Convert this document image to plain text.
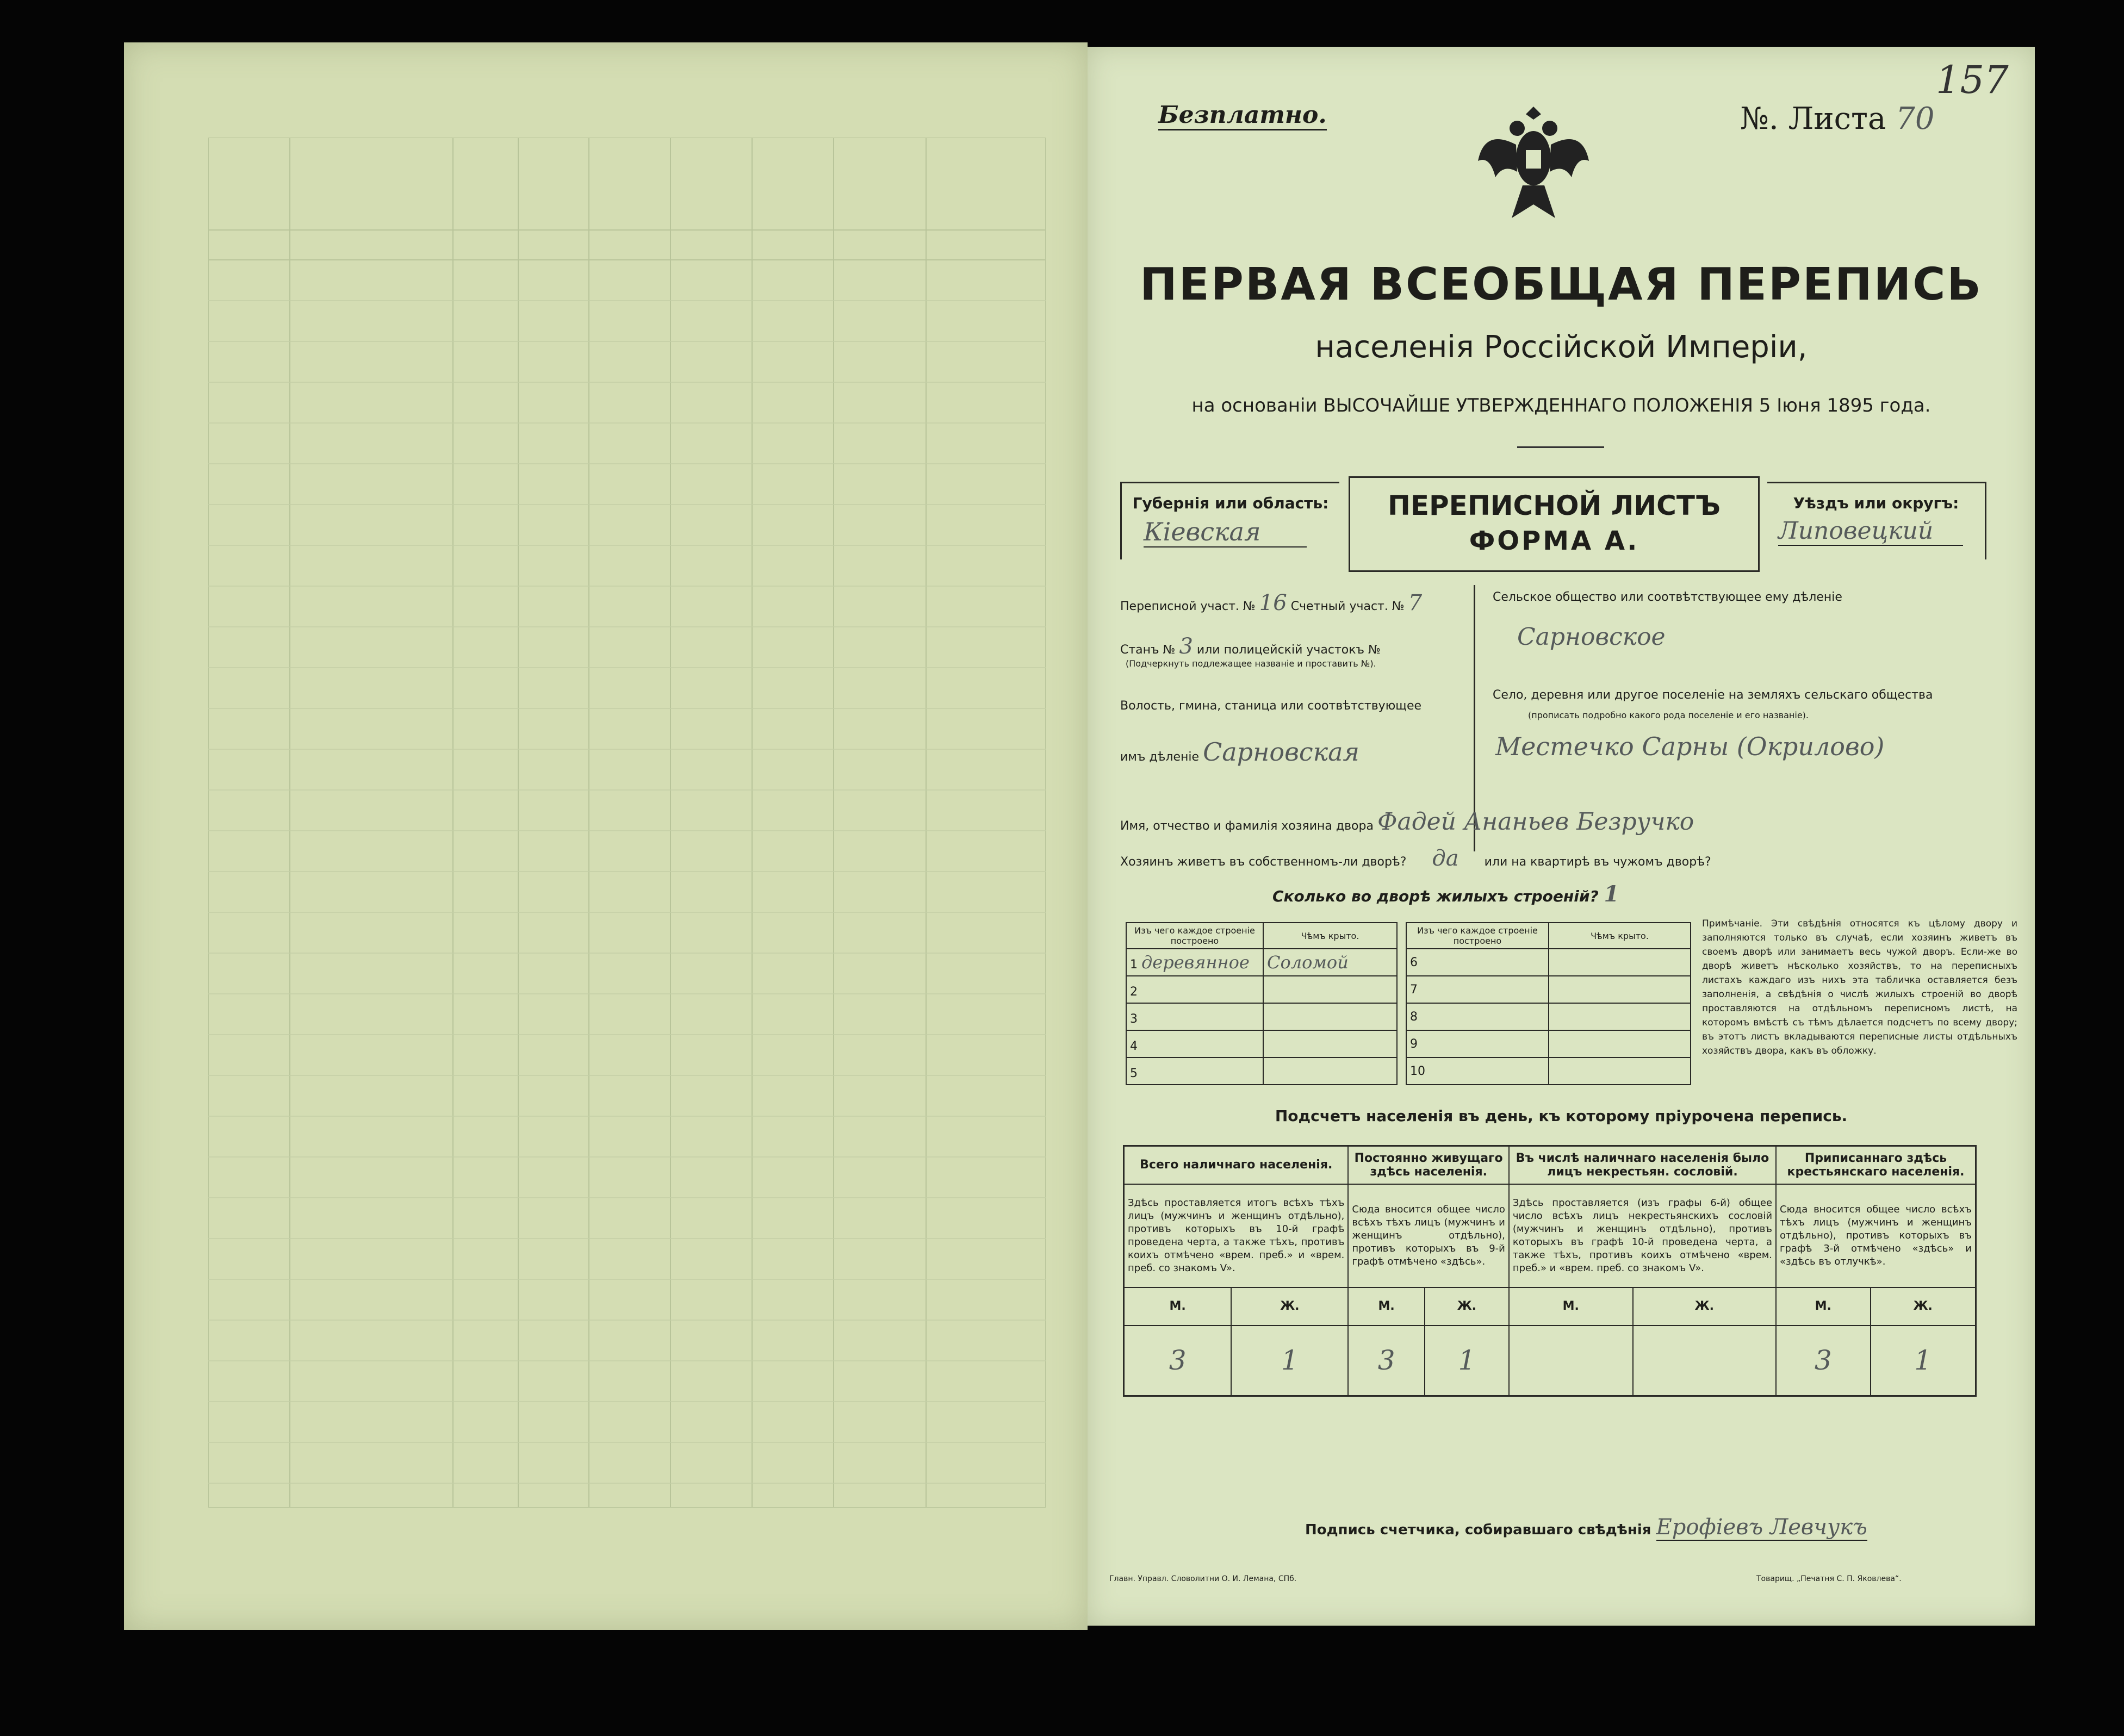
Безплатно.	№. Листа 70
157
ПЕРВАЯ ВСЕОБЩАЯ ПЕРЕПИСЬ
населенія Россійской Имперіи,
на основаніи ВЫСОЧАЙШЕ УТВЕРЖДЕННАГО ПОЛОЖЕНІЯ 5 Іюня 1895 года.
Губернія или область:
Кіевская
ПЕРЕПИСНОЙ ЛИСТЪ
ФОРМА А.
Уѣздъ или округъ:
Липовецкий
Переписной участ. № 16 Счетный участ. № 7
Станъ № 3 или полицейскій участокъ №
(Подчеркнуть подлежащее названіе и проставить №).
Волость, гмина, станица или соотвѣтствующее
имъ дѣленіе Сарновская
Сельское общество или соотвѣтствующее ему дѣленіе
Сарновское
Село, деревня или другое поселеніе на земляхъ сельскаго общества
(прописать подробно какого рода поселеніе и его названіе).
Местечко Сарны (Окрилово)
Имя, отчество и фамилія хозяина двора Фадей Ананьев Безручко
Хозяинъ живетъ въ собственномъ-ли дворѣ? да или на квартирѣ въ чужомъ дворѣ?
Сколько во дворѣ жилыхъ строеній? 1
Изъ чего каждое строеніе построено	Чѣмъ крыто.
1 деревянное	Соломой
2	
3	
4	
5	
Изъ чего каждое строеніе построено	Чѣмъ крыто.
6	
7	
8	
9	
10	
Примѣчаніе. Эти свѣдѣнія относятся къ цѣлому двору и заполняются только въ случаѣ, если хозяинъ живетъ въ своемъ дворѣ или занимаетъ весь чужой дворъ. Если-же во дворѣ живетъ нѣсколько хозяйствъ, то на переписныхъ листахъ каждаго изъ нихъ эта табличка оставляется безъ заполненія, а свѣдѣнія о числѣ жилыхъ строеній во дворѣ проставляются на отдѣльномъ переписномъ листѣ, на которомъ вмѣстѣ съ тѣмъ дѣлается подсчетъ по всему двору; въ этотъ листъ вкладываются переписные листы отдѣльныхъ хозяйствъ двора, какъ въ обложку.
Подсчетъ населенія въ день, къ которому пріурочена перепись.
Всего наличнаго населенія.		Постоянно живущаго здѣсь населенія.		Въ числѣ наличнаго населенія было лицъ некрестьян. сословій.		Приписаннаго здѣсь крестьянскаго населенія.	
Здѣсь проставляется итогъ всѣхъ тѣхъ лицъ (мужчинъ и женщинъ отдѣльно), противъ которыхъ въ 10-й графѣ проведена черта, а также тѣхъ, противъ коихъ отмѣчено «врем. преб.» и «врем. преб. со знакомъ V».		Сюда вносится общее число всѣхъ тѣхъ лицъ (мужчинъ и женщинъ отдѣльно), противъ которыхъ въ 9-й графѣ отмѣчено «здѣсь».		Здѣсь проставляется (изъ графы 6-й) общее число всѣхъ лицъ некрестьянскихъ сословій (мужчинъ и женщинъ отдѣльно), противъ которыхъ въ графѣ 10-й проведена черта, а также тѣхъ, противъ коихъ отмѣчено «врем. преб.» и «врем. преб. со знакомъ V».		Сюда вносится общее число всѣхъ тѣхъ лицъ (мужчинъ и женщинъ отдѣльно), противъ которыхъ въ графѣ 3-й отмѣчено «здѣсь» и «здѣсь въ отлучкѣ».	
М.	Ж.	М.	Ж.	М.	Ж.	М.	Ж.
3	1	3	1			3	1
Подпись счетчика, собиравшаго свѣдѣнія Ерофіевъ Левчукъ
Главн. Управл. Словолитни О. И. Лемана, СПб.	Товарищ. „Печатня С. П. Яковлева“.
